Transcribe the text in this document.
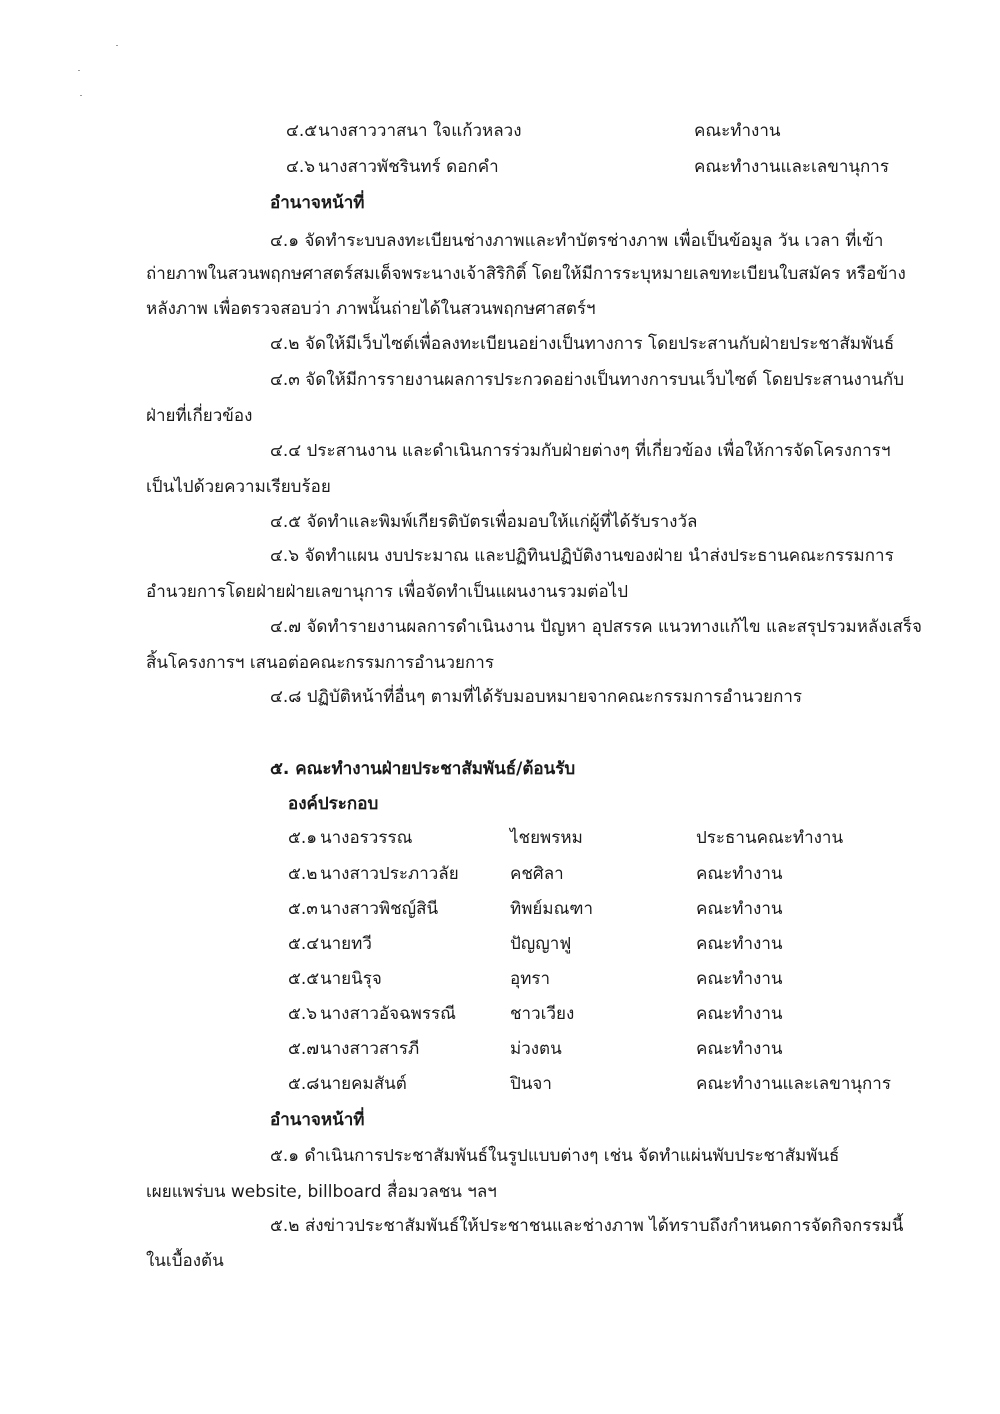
๔.๕ นางสาววาสนา ใจแก้วหลวง	คณะทำงาน
๔.๖ นางสาวพัชรินทร์ ดอกคำ	คณะทำงานและเลขานุการ
อำนาจหน้าที่
๔.๑ จัดทำระบบลงทะเบียนช่างภาพและทำบัตรช่างภาพ เพื่อเป็นข้อมูล วัน เวลา ที่เข้า
ถ่ายภาพในสวนพฤกษศาสตร์สมเด็จพระนางเจ้าสิริกิติ์ โดยให้มีการระบุหมายเลขทะเบียนใบสมัคร หรือข้าง
หลังภาพ เพื่อตรวจสอบว่า ภาพนั้นถ่ายได้ในสวนพฤกษศาสตร์ฯ
๔.๒ จัดให้มีเว็บไซต์เพื่อลงทะเบียนอย่างเป็นทางการ โดยประสานกับฝ่ายประชาสัมพันธ์
๔.๓ จัดให้มีการรายงานผลการประกวดอย่างเป็นทางการบนเว็บไซต์ โดยประสานงานกับ
ฝ่ายที่เกี่ยวข้อง
๔.๔ ประสานงาน และดำเนินการร่วมกับฝ่ายต่างๆ ที่เกี่ยวข้อง เพื่อให้การจัดโครงการฯ
เป็นไปด้วยความเรียบร้อย
๔.๕ จัดทำและพิมพ์เกียรติบัตรเพื่อมอบให้แก่ผู้ที่ได้รับรางวัล
๔.๖ จัดทำแผน งบประมาณ และปฏิทินปฏิบัติงานของฝ่าย นำส่งประธานคณะกรรมการ
อำนวยการโดยฝ่ายฝ่ายเลขานุการ เพื่อจัดทำเป็นแผนงานรวมต่อไป
๔.๗ จัดทำรายงานผลการดำเนินงาน ปัญหา อุปสรรค แนวทางแก้ไข และสรุปรวมหลังเสร็จ
สิ้นโครงการฯ เสนอต่อคณะกรรมการอำนวยการ
๔.๘ ปฏิบัติหน้าที่อื่นๆ ตามที่ได้รับมอบหมายจากคณะกรรมการอำนวยการ
๕. คณะทำงานฝ่ายประชาสัมพันธ์/ต้อนรับ
องค์ประกอบ
๕.๑ นางอรวรรณ	ไชยพรหม	ประธานคณะทำงาน
๕.๒ นางสาวประภาวลัย	คชศิลา	คณะทำงาน
๕.๓ นางสาวพิชญ์สินี	ทิพย์มณฑา	คณะทำงาน
๕.๔ นายทวี	ปัญญาฟู	คณะทำงาน
๕.๕ นายนิรุจ	อุทรา	คณะทำงาน
๕.๖ นางสาวอัจฉพรรณี	ชาวเวียง	คณะทำงาน
๕.๗ นางสาวสารภี	ม่วงตน	คณะทำงาน
๕.๘ นายคมสันต์	ปินจา	คณะทำงานและเลขานุการ
อำนาจหน้าที่
๕.๑ ดำเนินการประชาสัมพันธ์ในรูปแบบต่างๆ เช่น จัดทำแผ่นพับประชาสัมพันธ์
เผยแพร่บน website, billboard สื่อมวลชน ฯลฯ
๕.๒ ส่งข่าวประชาสัมพันธ์ให้ประชาชนและช่างภาพ ได้ทราบถึงกำหนดการจัดกิจกรรมนี้
ในเบื้องต้น
